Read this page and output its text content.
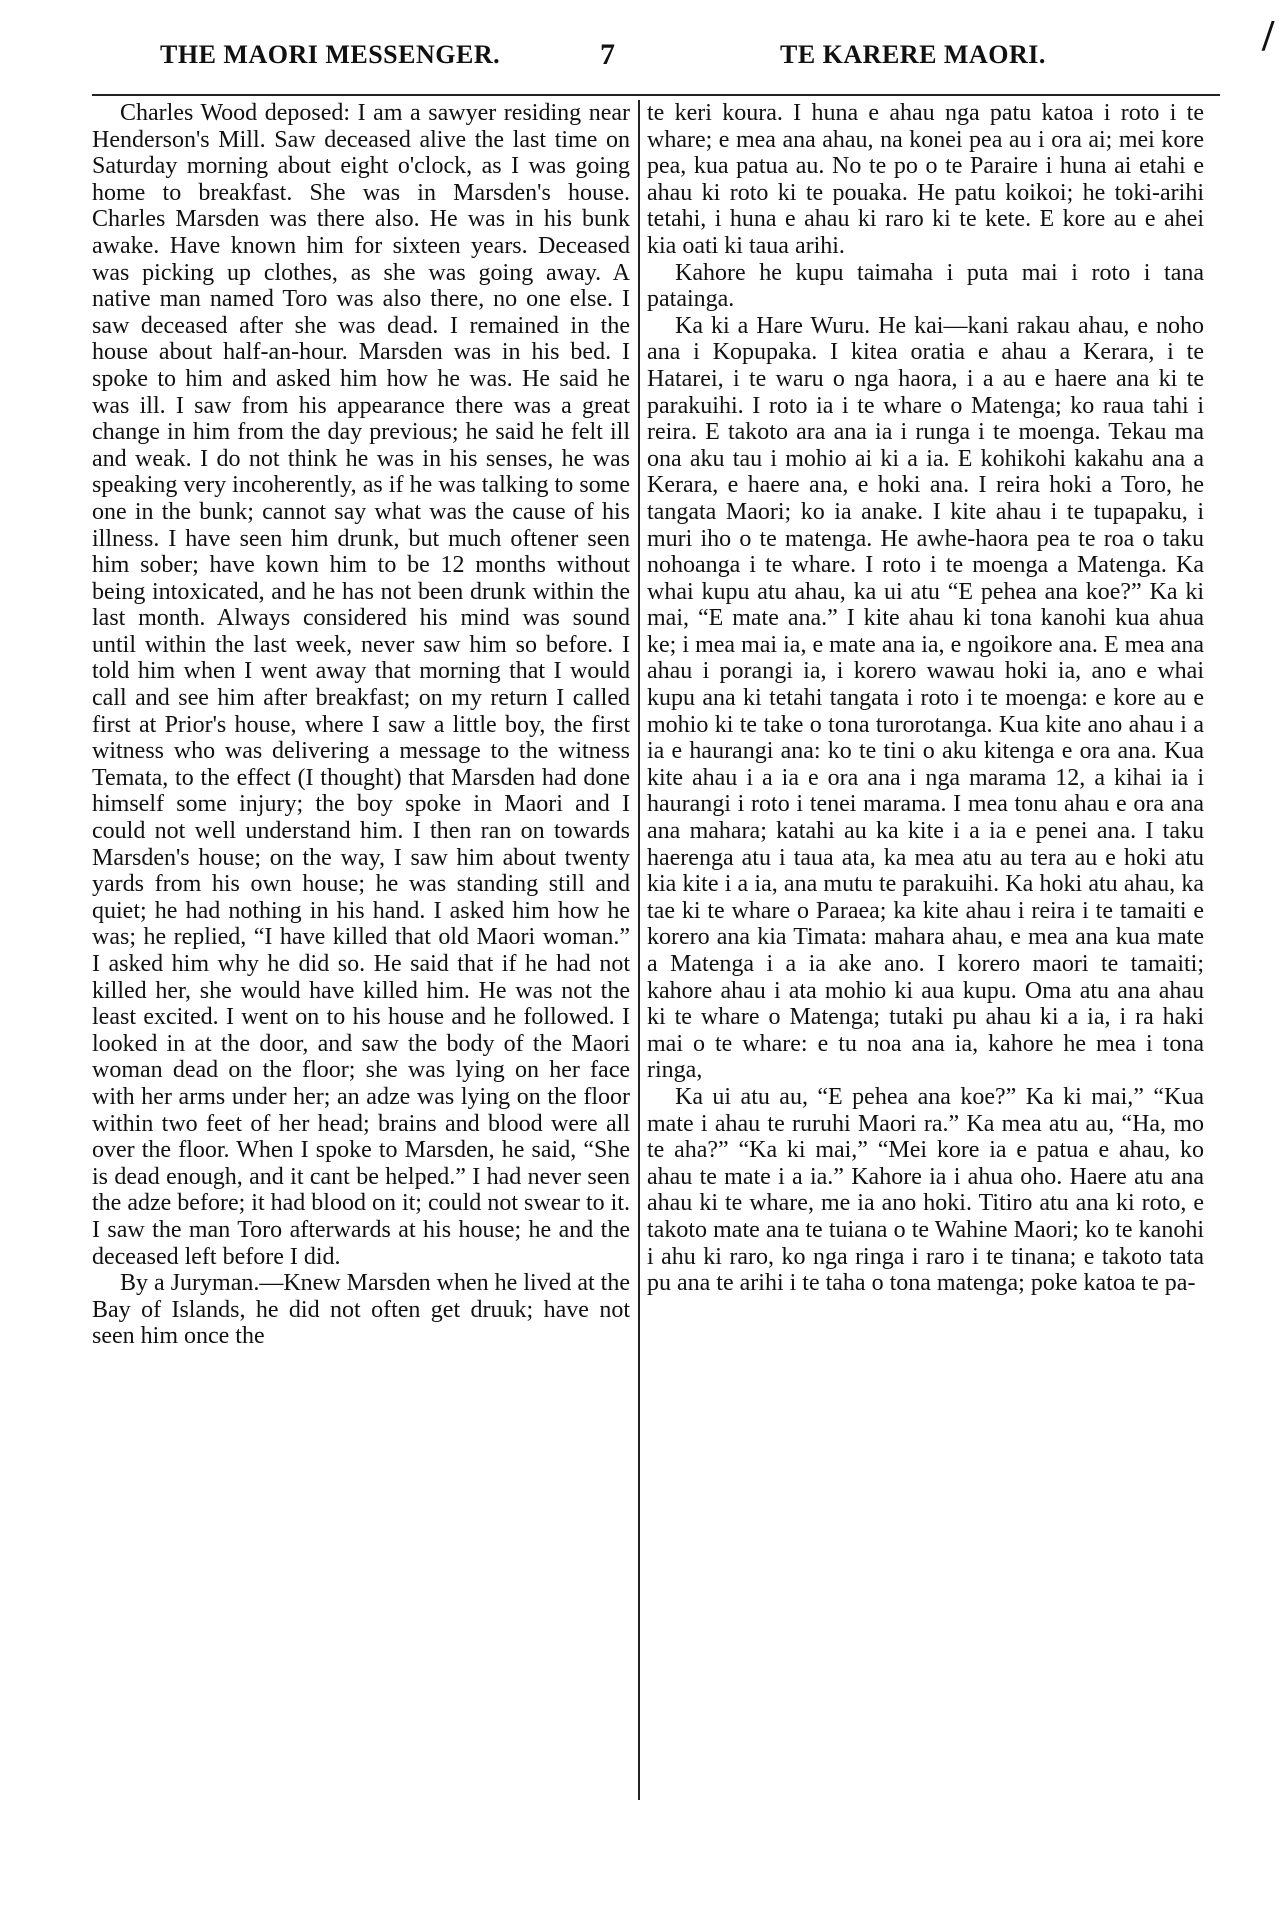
THE MAORI MESSENGER.	7	TE KARERE MAORI.	/

Charles Wood deposed: I am a sawyer residing near Henderson's Mill. Saw deceased alive the last time on Saturday morning about eight o'clock, as I was going home to breakfast. She was in Marsden's house. Charles Marsden was there also. He was in his bunk awake. Have known him for sixteen years. Deceased was picking up clothes, as she was going away. A native man named Toro was also there, no one else. I saw deceased after she was dead. I remained in the house about half-an-hour. Marsden was in his bed. I spoke to him and asked him how he was. He said he was ill. I saw from his appearance there was a great change in him from the day previous; he said he felt ill and weak. I do not think he was in his senses, he was speaking very incoherently, as if he was talking to some one in the bunk; cannot say what was the cause of his illness. I have seen him drunk, but much oftener seen him sober; have kown him to be 12 months without being intoxicated, and he has not been drunk within the last month. Always considered his mind was sound until within the last week, never saw him so before. I told him when I went away that morning that I would call and see him after breakfast; on my return I called first at Prior's house, where I saw a little boy, the first witness who was delivering a message to the witness Temata, to the effect (I thought) that Marsden had done himself some injury; the boy spoke in Maori and I could not well understand him. I then ran on towards Marsden's house; on the way, I saw him about twenty yards from his own house; he was standing still and quiet; he had nothing in his hand. I asked him how he was; he replied, “I have killed that old Maori woman.” I asked him why he did so. He said that if he had not killed her, she would have killed him. He was not the least excited. I went on to his house and he followed. I looked in at the door, and saw the body of the Maori woman dead on the floor; she was lying on her face with her arms under her; an adze was lying on the floor within two feet of her head; brains and blood were all over the floor. When I spoke to Marsden, he said, “She is dead enough, and it cant be helped.” I had never seen the adze before; it had blood on it; could not swear to it. I saw the man Toro afterwards at his house; he and the deceased left before I did.

By a Juryman.—Knew Marsden when he lived at the Bay of Islands, he did not often get druuk; have not seen him once the

te keri koura. I huna e ahau nga patu katoa i roto i te whare; e mea ana ahau, na konei pea au i ora ai; mei kore pea, kua patua au. No te po o te Paraire i huna ai etahi e ahau ki roto ki te pouaka. He patu koikoi; he toki-arihi tetahi, i huna e ahau ki raro ki te kete. E kore au e ahei kia oati ki taua arihi.

Kahore he kupu taimaha i puta mai i roto i tana patainga.

Ka ki a Hare Wuru. He kai—kani rakau ahau, e noho ana i Kopupaka. I kitea oratia e ahau a Kerara, i te Hatarei, i te waru o nga haora, i a au e haere ana ki te parakuihi. I roto ia i te whare o Matenga; ko raua tahi i reira. E takoto ara ana ia i runga i te moenga. Tekau ma ona aku tau i mohio ai ki a ia. E kohikohi kakahu ana a Kerara, e haere ana, e hoki ana. I reira hoki a Toro, he tangata Maori; ko ia anake. I kite ahau i te tupapaku, i muri iho o te matenga. He awhe-haora pea te roa o taku nohoanga i te whare. I roto i te moenga a Matenga. Ka whai kupu atu ahau, ka ui atu “E pehea ana koe?” Ka ki mai, “E mate ana.” I kite ahau ki tona kanohi kua ahua ke; i mea mai ia, e mate ana ia, e ngoikore ana. E mea ana ahau i porangi ia, i korero wawau hoki ia, ano e whai kupu ana ki tetahi tangata i roto i te moenga: e kore au e mohio ki te take o tona turorotanga. Kua kite ano ahau i a ia e haurangi ana: ko te tini o aku kitenga e ora ana. Kua kite ahau i a ia e ora ana i nga marama 12, a kihai ia i haurangi i roto i tenei marama. I mea tonu ahau e ora ana ana mahara; katahi au ka kite i a ia e penei ana. I taku haerenga atu i taua ata, ka mea atu au tera au e hoki atu kia kite i a ia, ana mutu te parakuihi. Ka hoki atu ahau, ka tae ki te whare o Paraea; ka kite ahau i reira i te tamaiti e korero ana kia Timata: mahara ahau, e mea ana kua mate a Matenga i a ia ake ano. I korero maori te tamaiti; kahore ahau i ata mohio ki aua kupu. Oma atu ana ahau ki te whare o Matenga; tutaki pu ahau ki a ia, i ra haki mai o te whare: e tu noa ana ia, kahore he mea i tona ringa,

Ka ui atu au, “E pehea ana koe?” Ka ki mai,” “Kua mate i ahau te ruruhi Maori ra.” Ka mea atu au, “Ha, mo te aha?” “Ka ki mai,” “Mei kore ia e patua e ahau, ko ahau te mate i a ia.” Kahore ia i ahua oho. Haere atu ana ahau ki te whare, me ia ano hoki. Titiro atu ana ki roto, e takoto mate ana te tuiana o te Wahine Maori; ko te kanohi i ahu ki raro, ko nga ringa i raro i te tinana; e takoto tata pu ana te arihi i te taha o tona matenga; poke katoa te pa-
